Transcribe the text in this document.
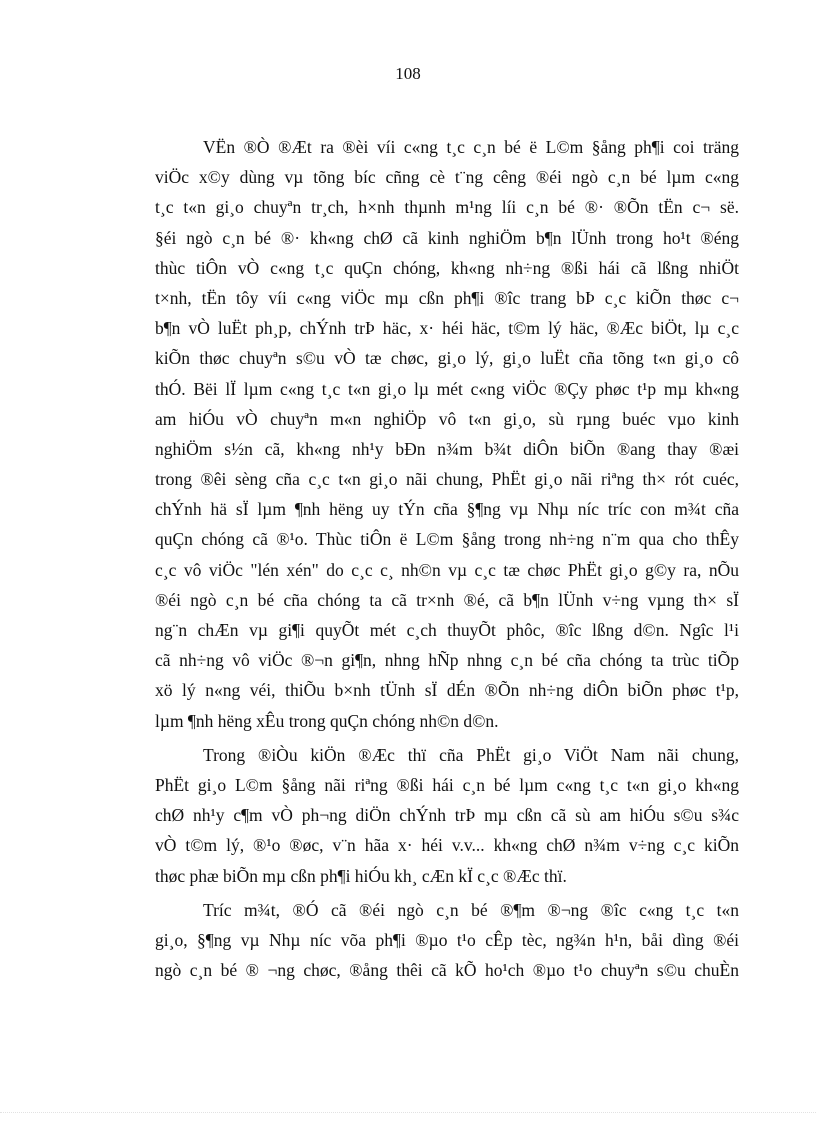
108
VËn ®Ò ®Æt ra ®èi víi c«ng t¸c c¸n bé ë L©m §ång ph¶i coi träng
viÖc x©y dùng vµ tõng bíc cñng cè t¨ng cêng ®éi ngò c¸n bé lµm c«ng
t¸c t«n gi¸o chuyªn tr¸ch, h×nh thµnh m¹ng líi c¸n bé ®· ®Õn tËn c¬ së.
§éi ngò c¸n bé ®· kh«ng chØ cã kinh nghiÖm b¶n lÜnh trong ho¹t ®éng
thùc tiÔn vÒ c«ng t¸c quÇn chóng, kh«ng nh÷ng ®ßi hái cã lßng nhiÖt
t×nh, tËn tôy víi c«ng viÖc mµ cßn ph¶i ®îc trang bÞ c¸c kiÕn thøc c¬
b¶n vÒ luËt ph¸p, chÝnh trÞ häc, x· héi häc, t©m lý häc, ®Æc biÖt, lµ c¸c
kiÕn thøc chuyªn s©u vÒ tæ chøc, gi¸o lý, gi¸o luËt cña tõng t«n gi¸o cô
thÓ. Bëi lÏ lµm c«ng t¸c t«n gi¸o lµ mét c«ng viÖc ®Çy phøc t¹p mµ kh«ng
am hiÓu vÒ chuyªn m«n nghiÖp vô t«n gi¸o, sù rµng buéc vµo kinh
nghiÖm s½n cã, kh«ng nh¹y bÐn n¾m b¾t diÔn biÕn ®ang thay ®æi
trong ®êi sèng cña c¸c t«n gi¸o nãi chung, PhËt gi¸o nãi riªng th× rót cuéc,
chÝnh hä sÏ lµm ¶nh hëng uy tÝn cña §¶ng vµ Nhµ níc tríc con m¾t cña
quÇn chóng cã ®¹o. Thùc tiÔn ë L©m §ång trong nh÷ng n¨m qua cho thÊy
c¸c vô viÖc "lén xén" do c¸c c¸ nh©n vµ c¸c tæ chøc PhËt gi¸o g©y ra, nÕu
®éi ngò c¸n bé cña chóng ta cã tr×nh ®é, cã b¶n lÜnh v÷ng vµng th× sÏ
ng¨n chÆn vµ gi¶i quyÕt mét c¸ch thuyÕt phôc, ®îc lßng d©n. Ngîc l¹i
cã nh÷ng vô viÖc ®¬n gi¶n, nhng hÑp nhng c¸n bé cña chóng ta trùc tiÕp
xö lý n«ng véi, thiÕu b×nh tÜnh sÏ dÉn ®Õn nh÷ng diÔn biÕn phøc t¹p,
lµm ¶nh hëng xÊu trong quÇn chóng nh©n d©n.
Trong ®iÒu kiÖn ®Æc thï cña PhËt gi¸o ViÖt Nam nãi chung,
PhËt gi¸o L©m §ång nãi riªng ®ßi hái c¸n bé lµm c«ng t¸c t«n gi¸o kh«ng
chØ nh¹y c¶m vÒ ph¬ng diÖn chÝnh trÞ mµ cßn cã sù am hiÓu s©u s¾c
vÒ t©m lý, ®¹o ®øc, v¨n hãa x· héi v.v... kh«ng chØ n¾m v÷ng c¸c kiÕn
thøc phæ biÕn mµ cßn ph¶i hiÓu kh¸ cÆn kÏ c¸c ®Æc thï.
Tríc m¾t, ®Ó cã ®éi ngò c¸n bé ®¶m ®¬ng ®îc c«ng t¸c t«n
gi¸o, §¶ng vµ Nhµ níc võa ph¶i ®µo t¹o cÊp tèc, ng¾n h¹n, båi dìng ®éi
ngò c¸n bé ® ¬ng chøc, ®ång thêi cã kÕ ho¹ch ®µo t¹o chuyªn s©u chuÈn
